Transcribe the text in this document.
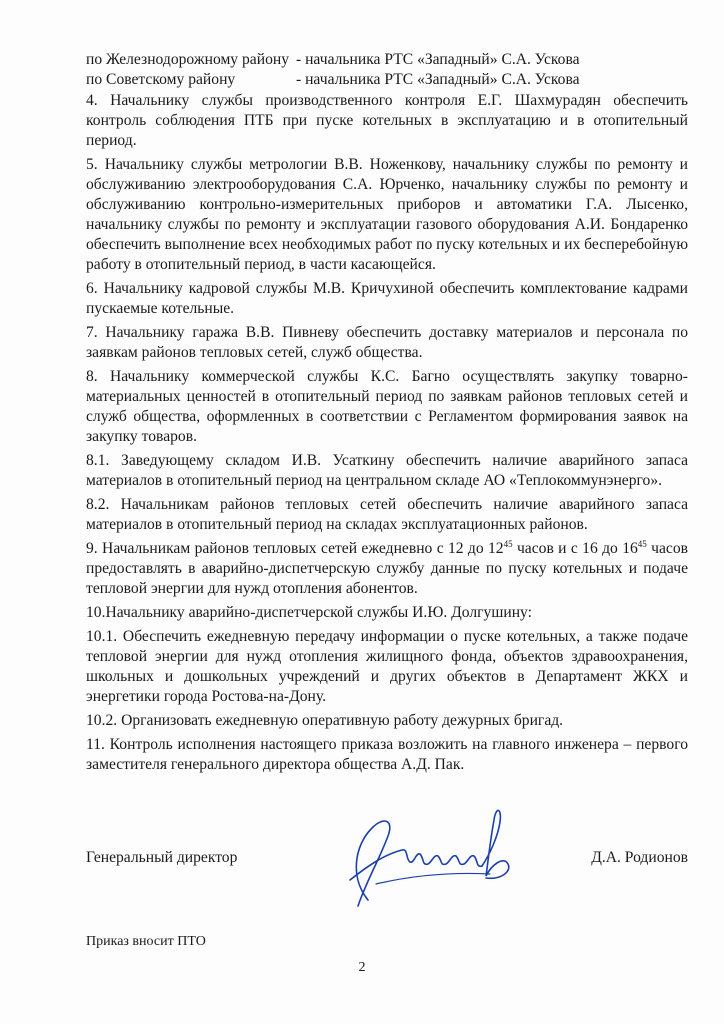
по Железнодорожному району - начальника РТС «Западный» С.А. Ускова
по Советскому району	- начальника РТС «Западный» С.А. Ускова

4. Начальнику службы производственного контроля Е.Г. Шахмурадян обеспечить контроль соблюдения ПТБ при пуске котельных в эксплуатацию и в отопительный период.

5. Начальнику службы метрологии В.В. Ноженкову, начальнику службы по ремонту и обслуживанию электрооборудования С.А. Юрченко, начальнику службы по ремонту и обслуживанию контрольно-измерительных приборов и автоматики Г.А. Лысенко, начальнику службы по ремонту и эксплуатации газового оборудования А.И. Бондаренко обеспечить выполнение всех необходимых работ по пуску котельных и их бесперебойную работу в отопительный период, в части касающейся.

6. Начальнику кадровой службы М.В. Кричухиной обеспечить комплектование кадрами пускаемые котельные.

7. Начальнику гаража В.В. Пивневу обеспечить доставку материалов и персонала по заявкам районов тепловых сетей, служб общества.

8. Начальнику коммерческой службы К.С. Багно осуществлять закупку товарно-материальных ценностей в отопительный период по заявкам районов тепловых сетей и служб общества, оформленных в соответствии с Регламентом формирования заявок на закупку товаров.

8.1. Заведующему складом И.В. Усаткину обеспечить наличие аварийного запаса материалов в отопительный период на центральном складе АО «Теплокоммунэнерго».

8.2. Начальникам районов тепловых сетей обеспечить наличие аварийного запаса материалов в отопительный период на складах эксплуатационных районов.

9. Начальникам районов тепловых сетей ежедневно с 12 до $12^{45}$ часов и с 16 до $16^{45}$ часов предоставлять в аварийно-диспетчерскую службу данные по пуску котельных и подаче тепловой энергии для нужд отопления абонентов.

10.Начальнику аварийно-диспетчерской службы И.Ю. Долгушину:

10.1. Обеспечить ежедневную передачу информации о пуске котельных, а также подаче тепловой энергии для нужд отопления жилищного фонда, объектов здравоохранения, школьных и дошкольных учреждений и других объектов в Департамент ЖКХ и энергетики города Ростова-на-Дону.

10.2. Организовать ежедневную оперативную работу дежурных бригад.

11. Контроль исполнения настоящего приказа возложить на главного инженера – первого заместителя генерального директора общества А.Д. Пак.

Генеральный директор	Д.А. Родионов
Приказ вносит ПТО
2
